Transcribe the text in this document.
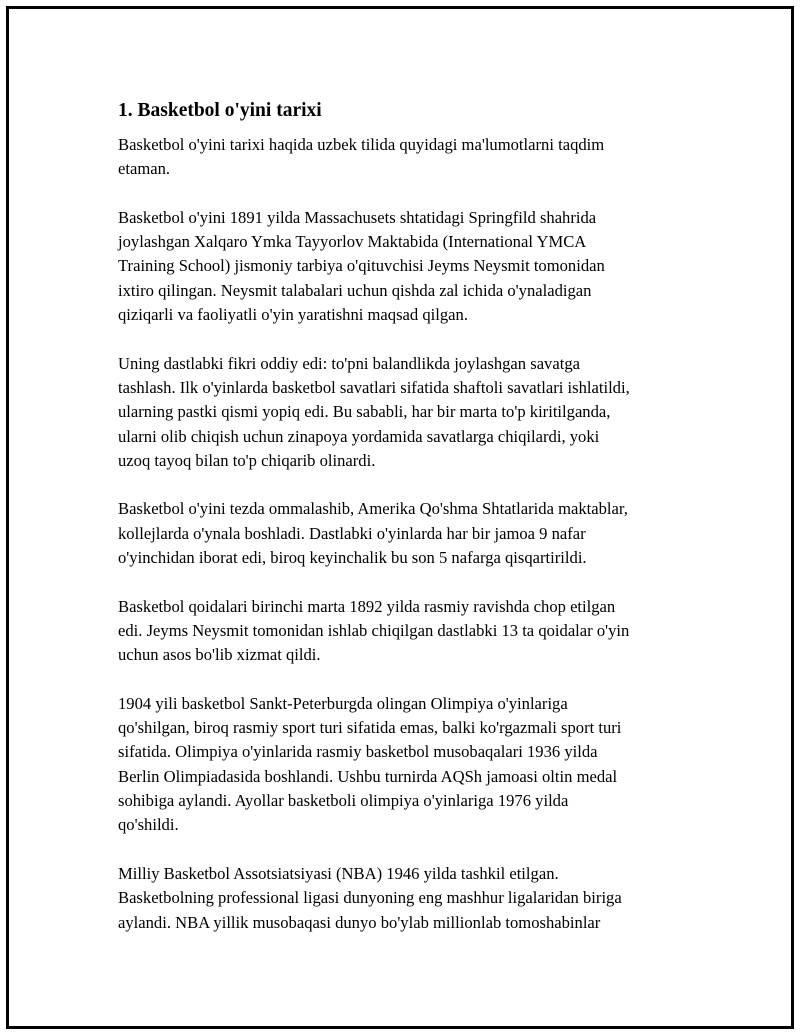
1. Basketbol o'yini tarixi

Basketbol o'yini tarixi haqida uzbek tilida quyidagi ma'lumotlarni taqdim
etaman.

Basketbol o'yini 1891 yilda Massachusets shtatidagi Springfild shahrida
joylashgan Xalqaro Ymka Tayyorlov Maktabida (International YMCA
Training School) jismoniy tarbiya o'qituvchisi Jeyms Neysmit tomonidan
ixtiro qilingan. Neysmit talabalari uchun qishda zal ichida o'ynaladigan
qiziqarli va faoliyatli o'yin yaratishni maqsad qilgan.

Uning dastlabki fikri oddiy edi: to'pni balandlikda joylashgan savatga
tashlash. Ilk o'yinlarda basketbol savatlari sifatida shaftoli savatlari ishlatildi,
ularning pastki qismi yopiq edi. Bu sababli, har bir marta to'p kiritilganda,
ularni olib chiqish uchun zinapoya yordamida savatlarga chiqilardi, yoki
uzoq tayoq bilan to'p chiqarib olinardi.

Basketbol o'yini tezda ommalashib, Amerika Qo'shma Shtatlarida maktablar,
kollejlarda o'ynala boshladi. Dastlabki o'yinlarda har bir jamoa 9 nafar
o'yinchidan iborat edi, biroq keyinchalik bu son 5 nafarga qisqartirildi.

Basketbol qoidalari birinchi marta 1892 yilda rasmiy ravishda chop etilgan
edi. Jeyms Neysmit tomonidan ishlab chiqilgan dastlabki 13 ta qoidalar o'yin
uchun asos bo'lib xizmat qildi.

1904 yili basketbol Sankt-Peterburgda olingan Olimpiya o'yinlariga
qo'shilgan, biroq rasmiy sport turi sifatida emas, balki ko'rgazmali sport turi
sifatida. Olimpiya o'yinlarida rasmiy basketbol musobaqalari 1936 yilda
Berlin Olimpiadasida boshlandi. Ushbu turnirda AQSh jamoasi oltin medal
sohibiga aylandi. Ayollar basketboli olimpiya o'yinlariga 1976 yilda
qo'shildi.

Milliy Basketbol Assotsiatsiyasi (NBA) 1946 yilda tashkil etilgan.
Basketbolning professional ligasi dunyoning eng mashhur ligalaridan biriga
aylandi. NBA yillik musobaqasi dunyo bo'ylab millionlab tomoshabinlar
